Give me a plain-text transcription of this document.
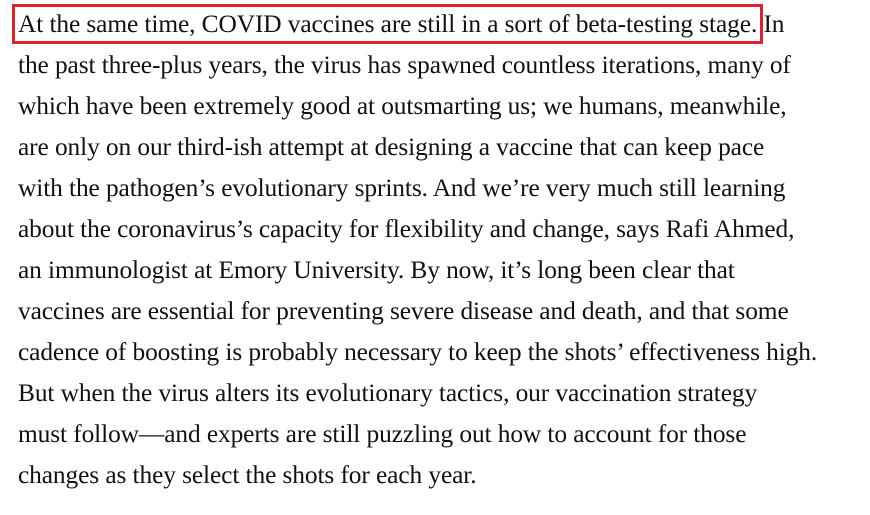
At the same time, COVID vaccines are still in a sort of beta-testing stage. In
the past three-plus years, the virus has spawned countless iterations, many of
which have been extremely good at outsmarting us; we humans, meanwhile,
are only on our third-ish attempt at designing a vaccine that can keep pace
with the pathogen’s evolutionary sprints. And we’re very much still learning
about the coronavirus’s capacity for flexibility and change, says Rafi Ahmed,
an immunologist at Emory University. By now, it’s long been clear that
vaccines are essential for preventing severe disease and death, and that some
cadence of boosting is probably necessary to keep the shots’ effectiveness high.
But when the virus alters its evolutionary tactics, our vaccination strategy
must follow—and experts are still puzzling out how to account for those
changes as they select the shots for each year.
